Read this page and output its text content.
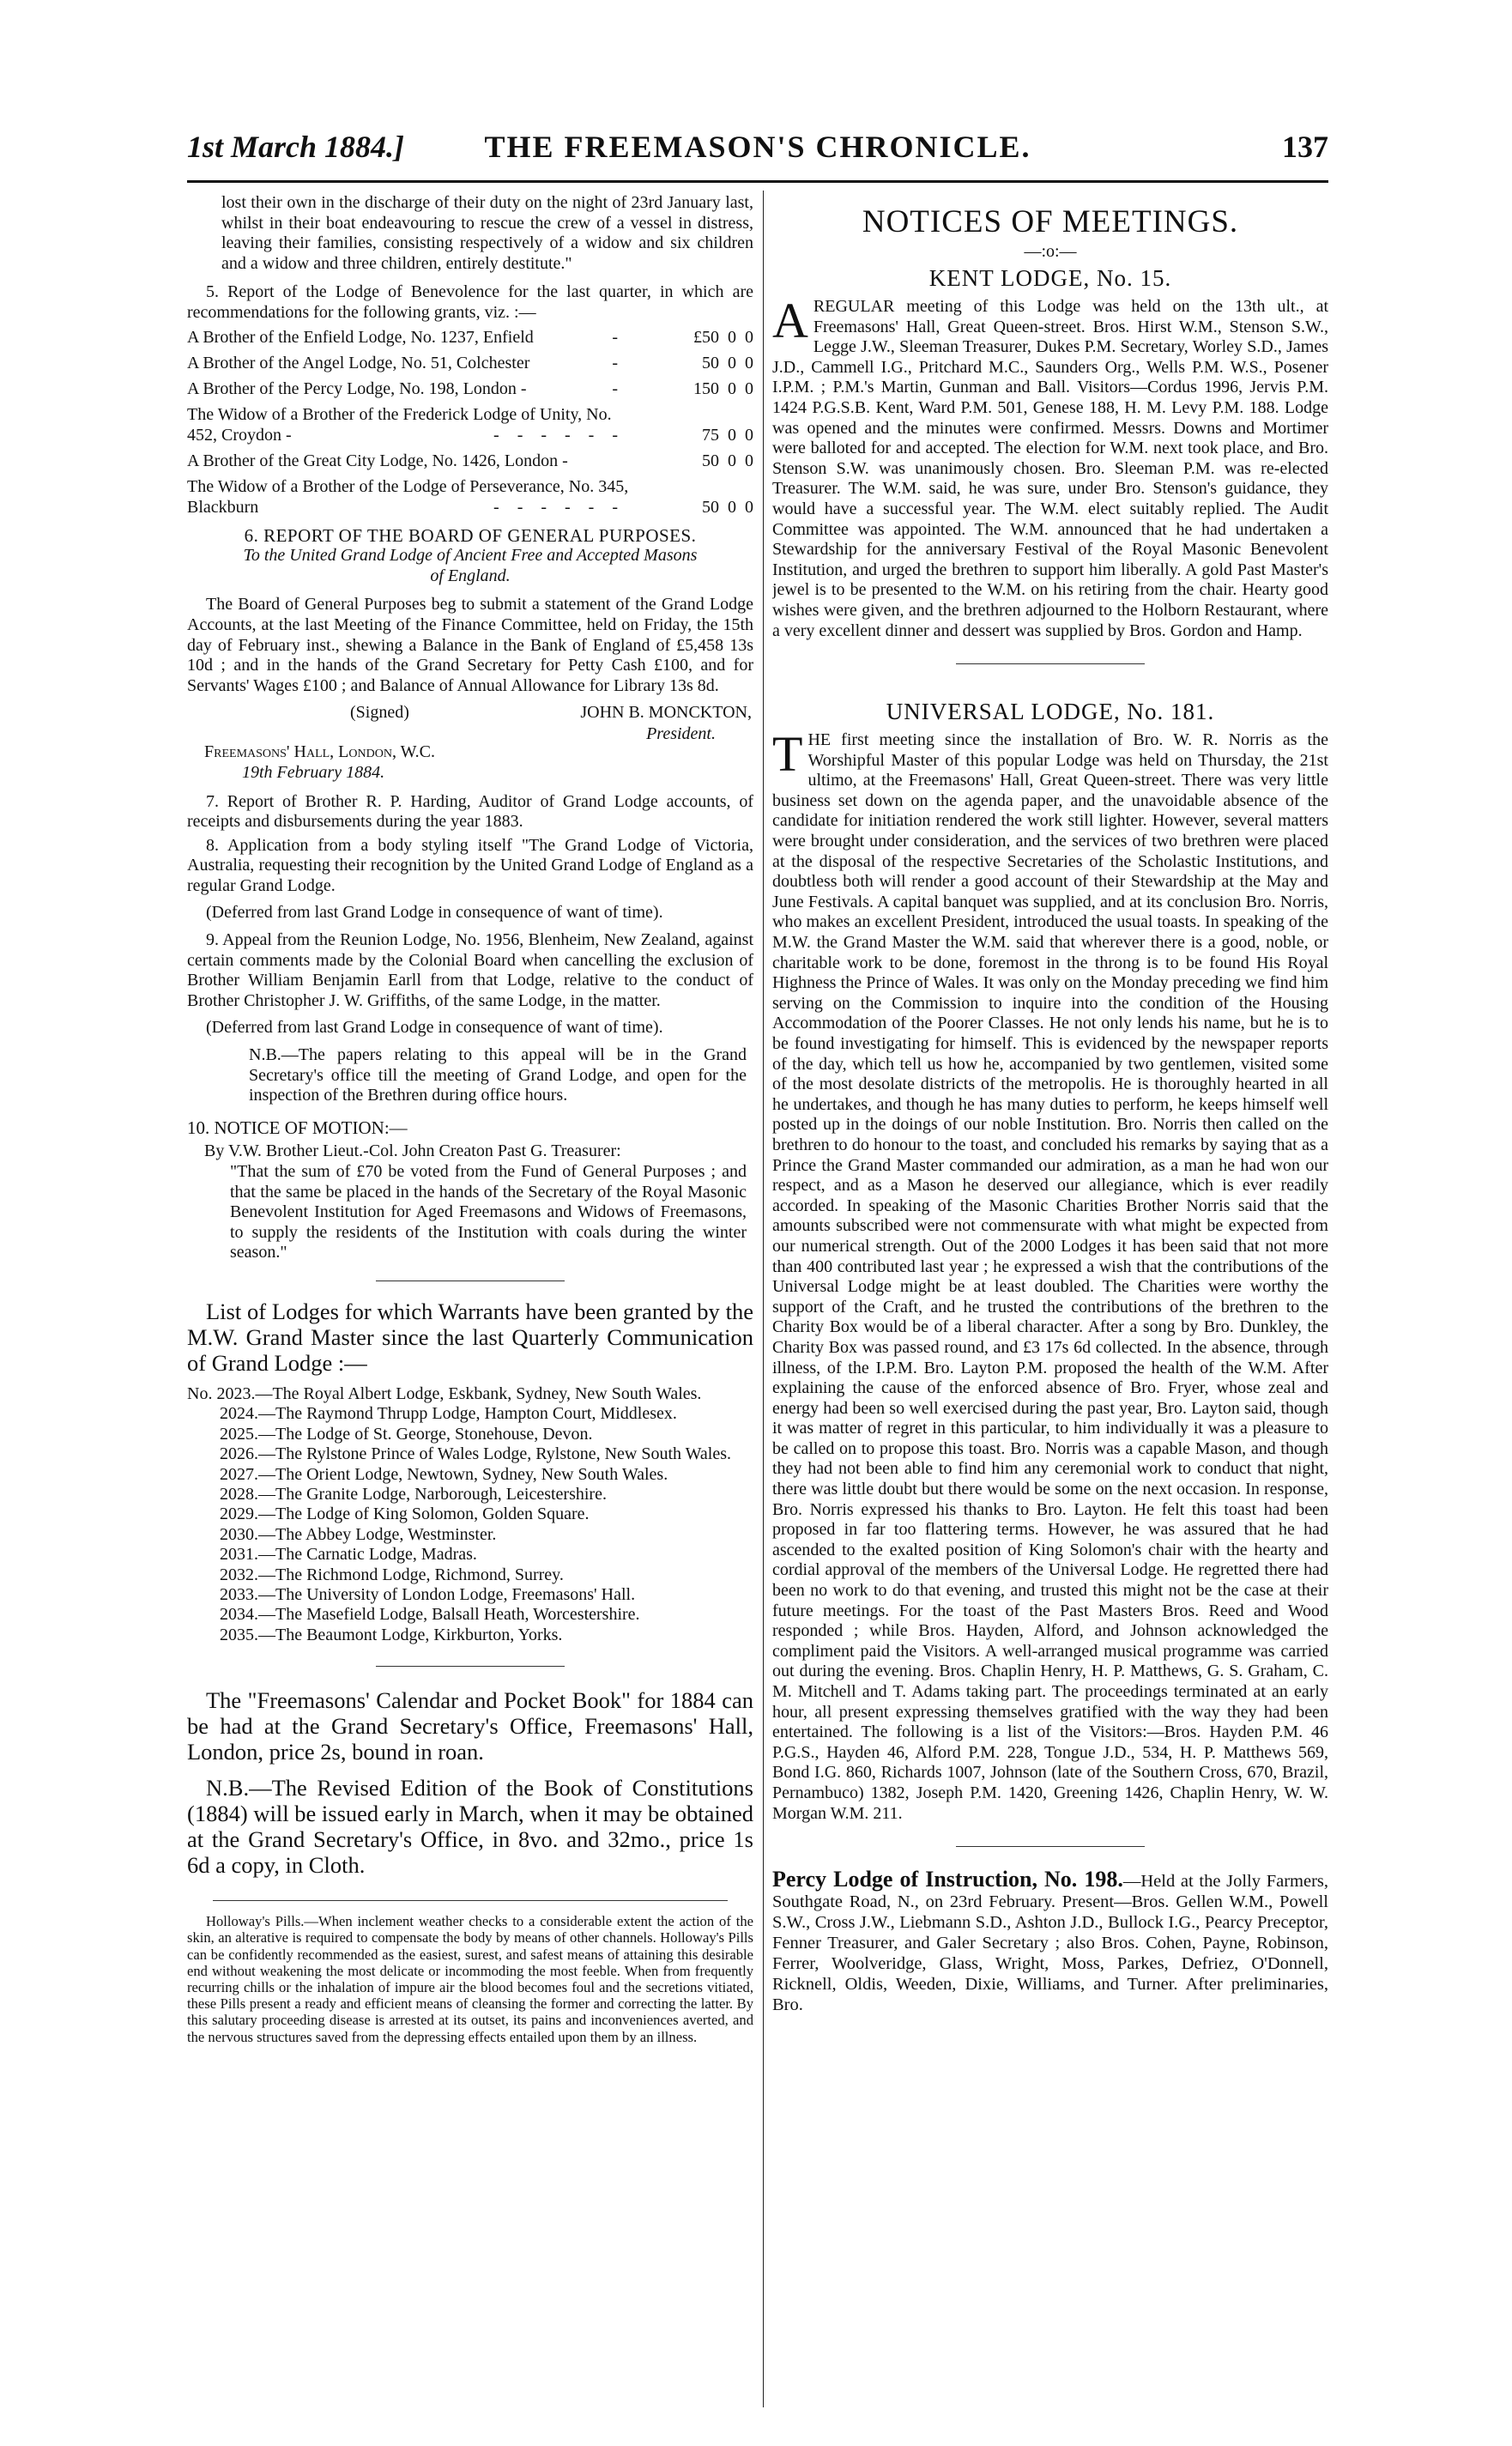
1st March 1884.]	THE FREEMASON'S CHRONICLE.	137

lost their own in the discharge of their duty on the night of 23rd January last, whilst in their boat endeavouring to rescue the crew of a vessel in distress, leaving their families, consisting respectively of a widow and six children and a widow and three children, entirely destitute."

5. Report of the Lodge of Benevolence for the last quarter, in which are recommendations for the following grants, viz. :—

A Brother of the Enfield Lodge, No. 1237, Enfield	-	£50  0  0
A Brother of the Angel Lodge, No. 51, Colchester	-	50  0  0
A Brother of the Percy Lodge, No. 198, London -	-	150  0  0
The Widow of a Brother of the Frederick Lodge of Unity, No. 452, Croydon -	- - - - - -	75  0  0
A Brother of the Great City Lodge, No. 1426, London -	50  0  0
The Widow of a Brother of the Lodge of Perseverance, No. 345, Blackburn	- - - - - -	50  0  0

6. REPORT OF THE BOARD OF GENERAL PURPOSES.

To the United Grand Lodge of Ancient Free and Accepted Masons of England.

The Board of General Purposes beg to submit a statement of the Grand Lodge Accounts, at the last Meeting of the Finance Committee, held on Friday, the 15th day of February inst., shewing a Balance in the Bank of England of £5,458 13s 10d ; and in the hands of the Grand Secretary for Petty Cash £100, and for Servants' Wages £100 ; and Balance of Annual Allowance for Library 13s 8d.

(Signed)	JOHN B. MONCKTON,

President.

Freemasons' Hall, London, W.C.

19th February 1884.

7. Report of Brother R. P. Harding, Auditor of Grand Lodge accounts, of receipts and disbursements during the year 1883.

8. Application from a body styling itself "The Grand Lodge of Victoria, Australia, requesting their recognition by the United Grand Lodge of England as a regular Grand Lodge.

(Deferred from last Grand Lodge in consequence of want of time).

9. Appeal from the Reunion Lodge, No. 1956, Blenheim, New Zealand, against certain comments made by the Colonial Board when cancelling the exclusion of Brother William Benjamin Earll from that Lodge, relative to the conduct of Brother Christopher J. W. Griffiths, of the same Lodge, in the matter.

(Deferred from last Grand Lodge in consequence of want of time).

N.B.—The papers relating to this appeal will be in the Grand Secretary's office till the meeting of Grand Lodge, and open for the inspection of the Brethren during office hours.

10. NOTICE OF MOTION:—

By V.W. Brother Lieut.-Col. John Creaton Past G. Treasurer:

"That the sum of £70 be voted from the Fund of General Purposes ; and that the same be placed in the hands of the Secretary of the Royal Masonic Benevolent Institution for Aged Freemasons and Widows of Freemasons, to supply the residents of the Institution with coals during the winter season."

List of Lodges for which Warrants have been granted by the M.W. Grand Master since the last Quarterly Communication of Grand Lodge :—

No. 2023.—The Royal Albert Lodge, Eskbank, Sydney, New South Wales.

2024.—The Raymond Thrupp Lodge, Hampton Court, Middlesex.

2025.—The Lodge of St. George, Stonehouse, Devon.

2026.—The Rylstone Prince of Wales Lodge, Rylstone, New South Wales.

2027.—The Orient Lodge, Newtown, Sydney, New South Wales.

2028.—The Granite Lodge, Narborough, Leicestershire.

2029.—The Lodge of King Solomon, Golden Square.

2030.—The Abbey Lodge, Westminster.

2031.—The Carnatic Lodge, Madras.

2032.—The Richmond Lodge, Richmond, Surrey.

2033.—The University of London Lodge, Freemasons' Hall.

2034.—The Masefield Lodge, Balsall Heath, Worcestershire.

2035.—The Beaumont Lodge, Kirkburton, Yorks.

The "Freemasons' Calendar and Pocket Book" for 1884 can be had at the Grand Secretary's Office, Freemasons' Hall, London, price 2s, bound in roan.

N.B.—The Revised Edition of the Book of Constitutions (1884) will be issued early in March, when it may be obtained at the Grand Secretary's Office, in 8vo. and 32mo., price 1s 6d a copy, in Cloth.

Holloway's Pills.—When inclement weather checks to a considerable extent the action of the skin, an alterative is required to compensate the body by means of other channels. Holloway's Pills can be confidently recommended as the easiest, surest, and safest means of attaining this desirable end without weakening the most delicate or incommoding the most feeble. When from frequently recurring chills or the inhalation of impure air the blood becomes foul and the secretions vitiated, these Pills present a ready and efficient means of cleansing the former and correcting the latter. By this salutary proceeding disease is arrested at its outset, its pains and inconveniences averted, and the nervous structures saved from the depressing effects entailed upon them by an illness.

NOTICES OF MEETINGS.
—:o:—
KENT LODGE, No. 15.
A REGULAR meeting of this Lodge was held on the 13th ult., at Freemasons' Hall, Great Queen-street. Bros. Hirst W.M., Stenson S.W., Legge J.W., Sleeman Treasurer, Dukes P.M. Secretary, Worley S.D., James J.D., Cammell I.G., Pritchard M.C., Saunders Org., Wells P.M. W.S., Posener I.P.M. ; P.M.'s Martin, Gunman and Ball. Visitors—Cordus 1996, Jervis P.M. 1424 P.G.S.B. Kent, Ward P.M. 501, Genese 188, H. M. Levy P.M. 188. Lodge was opened and the minutes were confirmed. Messrs. Downs and Mortimer were balloted for and accepted. The election for W.M. next took place, and Bro. Stenson S.W. was unanimously chosen. Bro. Sleeman P.M. was re-elected Treasurer. The W.M. said, he was sure, under Bro. Stenson's guidance, they would have a successful year. The W.M. elect suitably replied. The Audit Committee was appointed. The W.M. announced that he had undertaken a Stewardship for the anniversary Festival of the Royal Masonic Benevolent Institution, and urged the brethren to support him liberally. A gold Past Master's jewel is to be presented to the W.M. on his retiring from the chair. Hearty good wishes were given, and the brethren adjourned to the Holborn Restaurant, where a very excellent dinner and dessert was supplied by Bros. Gordon and Hamp.
UNIVERSAL LODGE, No. 181.
T HE first meeting since the installation of Bro. W. R. Norris as the Worshipful Master of this popular Lodge was held on Thursday, the 21st ultimo, at the Freemasons' Hall, Great Queen-street. There was very little business set down on the agenda paper, and the unavoidable absence of the candidate for initiation rendered the work still lighter. However, several matters were brought under consideration, and the services of two brethren were placed at the disposal of the respective Secretaries of the Scholastic Institutions, and doubtless both will render a good account of their Stewardship at the May and June Festivals. A capital banquet was supplied, and at its conclusion Bro. Norris, who makes an excellent President, introduced the usual toasts. In speaking of the M.W. the Grand Master the W.M. said that wherever there is a good, noble, or charitable work to be done, foremost in the throng is to be found His Royal Highness the Prince of Wales. It was only on the Monday preceding we find him serving on the Commission to inquire into the condition of the Housing Accommodation of the Poorer Classes. He not only lends his name, but he is to be found investigating for himself. This is evidenced by the newspaper reports of the day, which tell us how he, accompanied by two gentlemen, visited some of the most desolate districts of the metropolis. He is thoroughly hearted in all he undertakes, and though he has many duties to perform, he keeps himself well posted up in the doings of our noble Institution. Bro. Norris then called on the brethren to do honour to the toast, and concluded his remarks by saying that as a Prince the Grand Master commanded our admiration, as a man he had won our respect, and as a Mason he deserved our allegiance, which is ever readily accorded. In speaking of the Masonic Charities Brother Norris said that the amounts subscribed were not commensurate with what might be expected from our numerical strength. Out of the 2000 Lodges it has been said that not more than 400 contributed last year ; he expressed a wish that the contributions of the Universal Lodge might be at least doubled. The Charities were worthy the support of the Craft, and he trusted the contributions of the brethren to the Charity Box would be of a liberal character. After a song by Bro. Dunkley, the Charity Box was passed round, and £3 17s 6d collected. In the absence, through illness, of the I.P.M. Bro. Layton P.M. proposed the health of the W.M. After explaining the cause of the enforced absence of Bro. Fryer, whose zeal and energy had been so well exercised during the past year, Bro. Layton said, though it was matter of regret in this particular, to him individually it was a pleasure to be called on to propose this toast. Bro. Norris was a capable Mason, and though they had not been able to find him any ceremonial work to conduct that night, there was little doubt but there would be some on the next occasion. In response, Bro. Norris expressed his thanks to Bro. Layton. He felt this toast had been proposed in far too flattering terms. However, he was assured that he had ascended to the exalted position of King Solomon's chair with the hearty and cordial approval of the members of the Universal Lodge. He regretted there had been no work to do that evening, and trusted this might not be the case at their future meetings. For the toast of the Past Masters Bros. Reed and Wood responded ; while Bros. Hayden, Alford, and Johnson acknowledged the compliment paid the Visitors. A well-arranged musical programme was carried out during the evening. Bros. Chaplin Henry, H. P. Matthews, G. S. Graham, C. M. Mitchell and T. Adams taking part. The proceedings terminated at an early hour, all present expressing themselves gratified with the way they had been entertained. The following is a list of the Visitors:—Bros. Hayden P.M. 46 P.G.S., Hayden 46, Alford P.M. 228, Tongue J.D., 534, H. P. Matthews 569, Bond I.G. 860, Richards 1007, Johnson (late of the Southern Cross, 670, Brazil, Pernambuco) 1382, Joseph P.M. 1420, Greening 1426, Chaplin Henry, W. W. Morgan W.M. 211.

Percy Lodge of Instruction, No. 198.—Held at the Jolly Farmers, Southgate Road, N., on 23rd February. Present—Bros. Gellen W.M., Powell S.W., Cross J.W., Liebmann S.D., Ashton J.D., Bullock I.G., Pearcy Preceptor, Fenner Treasurer, and Galer Secretary ; also Bros. Cohen, Payne, Robinson, Ferrer, Woolveridge, Glass, Wright, Moss, Parkes, Defriez, O'Donnell, Ricknell, Oldis, Weeden, Dixie, Williams, and Turner. After preliminaries, Bro.
